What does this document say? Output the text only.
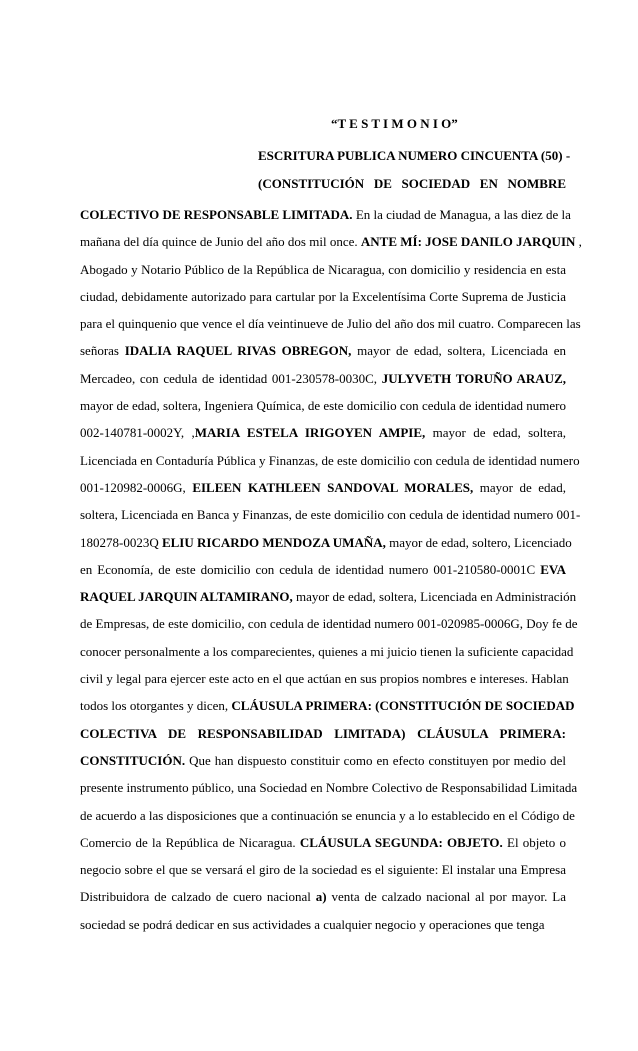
“T E S T I M O N I O”
ESCRITURA PUBLICA NUMERO CINCUENTA (50) -
(CONSTITUCIÓN DE SOCIEDAD EN NOMBRE
COLECTIVO DE RESPONSABLE LIMITADA. En la ciudad de Managua, a las diez de la
mañana del día quince de Junio del año dos mil once. ANTE MÍ: JOSE DANILO JARQUIN ,
Abogado y Notario Público de la República de Nicaragua, con domicilio y residencia en esta
ciudad, debidamente autorizado para cartular por la Excelentísima Corte Suprema de Justicia
para el quinquenio que vence el día veintinueve de Julio del año dos mil cuatro. Comparecen las
señoras IDALIA RAQUEL RIVAS OBREGON, mayor de edad, soltera, Licenciada en
Mercadeo, con cedula de identidad 001-230578-0030C, JULYVETH TORUÑO ARAUZ,
mayor de edad, soltera, Ingeniera Química, de este domicilio con cedula de identidad numero
002-140781-0002Y, ,MARIA ESTELA IRIGOYEN AMPIE, mayor de edad, soltera,
Licenciada en Contaduría Pública y Finanzas, de este domicilio con cedula de identidad numero
001-120982-0006G, EILEEN KATHLEEN SANDOVAL MORALES, mayor de edad,
soltera, Licenciada en Banca y Finanzas, de este domicilio con cedula de identidad numero 001-
180278-0023Q ELIU RICARDO MENDOZA UMAÑA, mayor de edad, soltero, Licenciado
en Economía, de este domicilio con cedula de identidad numero 001-210580-0001C EVA
RAQUEL JARQUIN ALTAMIRANO, mayor de edad, soltera, Licenciada en Administración
de Empresas, de este domicilio, con cedula de identidad numero 001-020985-0006G, Doy fe de
conocer personalmente a los comparecientes, quienes a mi juicio tienen la suficiente capacidad
civil y legal para ejercer este acto en el que actúan en sus propios nombres e intereses. Hablan
todos los otorgantes y dicen, CLÁUSULA PRIMERA: (CONSTITUCIÓN DE SOCIEDAD
COLECTIVA DE RESPONSABILIDAD LIMITADA) CLÁUSULA PRIMERA:
CONSTITUCIÓN. Que han dispuesto constituir como en efecto constituyen por medio del
presente instrumento público, una Sociedad en Nombre Colectivo de Responsabilidad Limitada
de acuerdo a las disposiciones que a continuación se enuncia y a lo establecido en el Código de
Comercio de la República de Nicaragua. CLÁUSULA SEGUNDA: OBJETO. El objeto o
negocio sobre el que se versará el giro de la sociedad es el siguiente: El instalar una Empresa
Distribuidora de calzado de cuero nacional a) venta de calzado nacional al por mayor. La
sociedad se podrá dedicar en sus actividades a cualquier negocio y operaciones que tenga
